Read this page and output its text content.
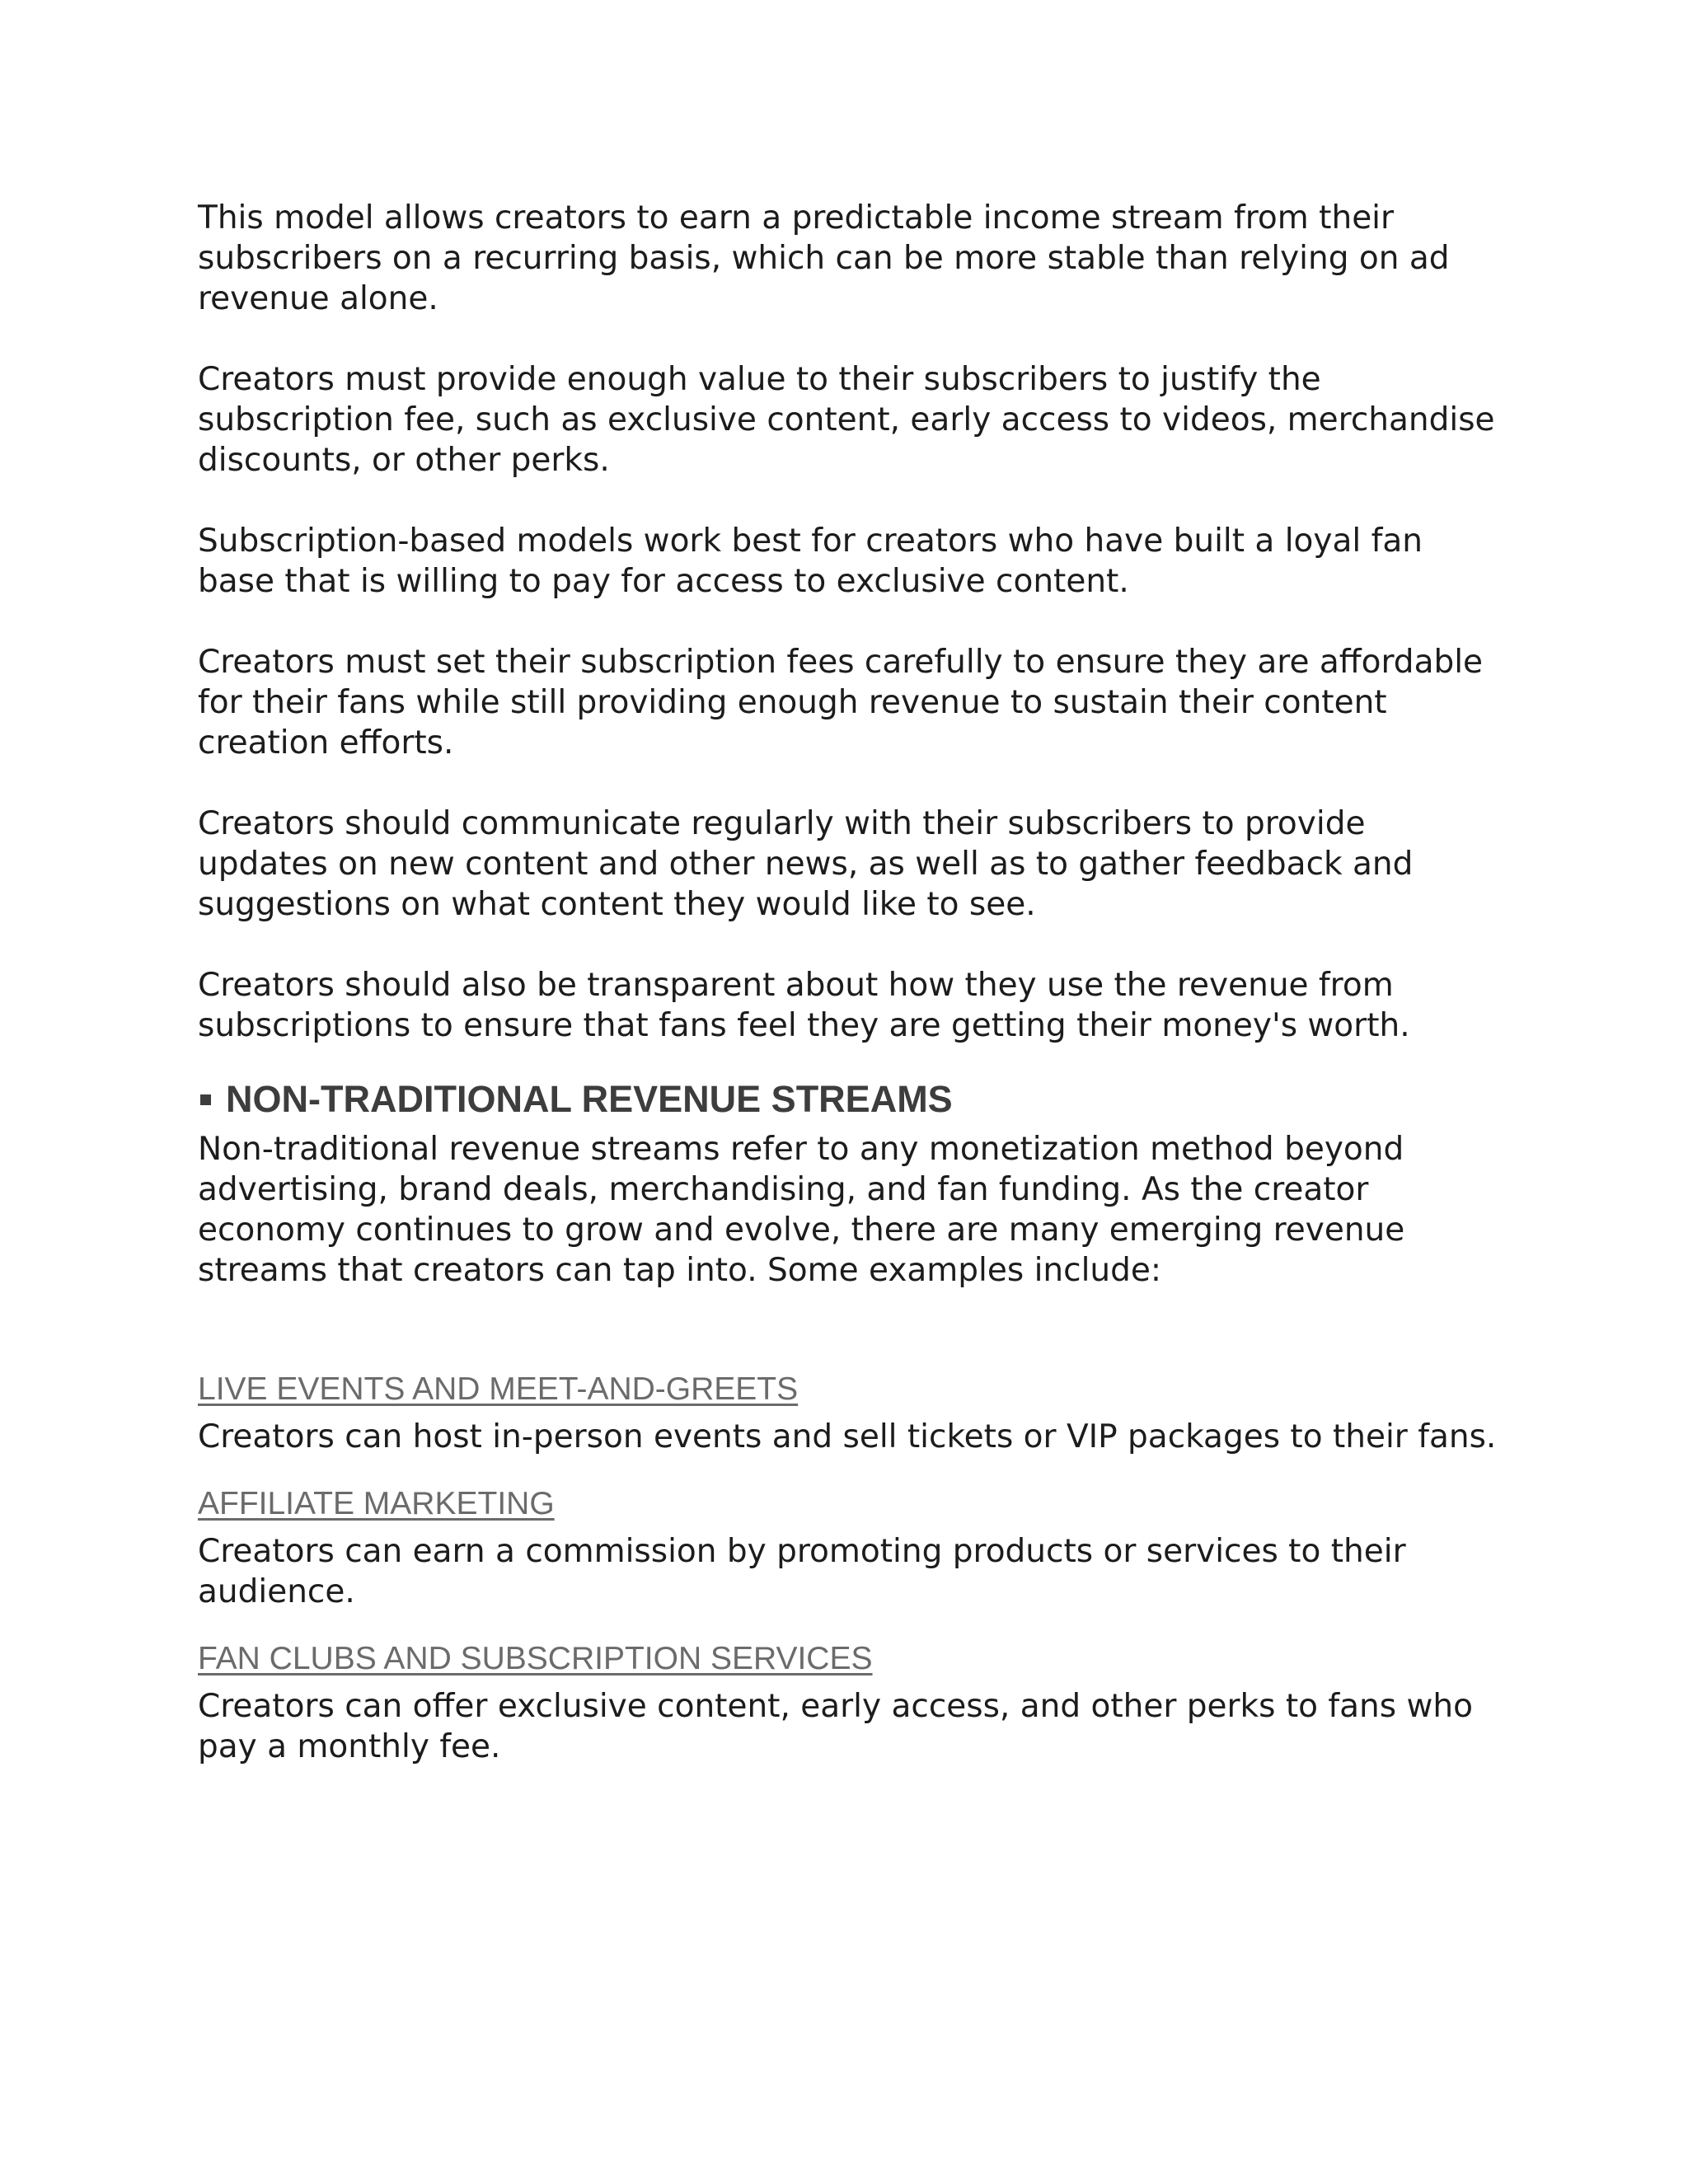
This model allows creators to earn a predictable income stream from their subscribers on a recurring basis, which can be more stable than relying on ad revenue alone.

Creators must provide enough value to their subscribers to justify the subscription fee, such as exclusive content, early access to videos, merchandise discounts, or other perks.

Subscription-based models work best for creators who have built a loyal fan base that is willing to pay for access to exclusive content.

Creators must set their subscription fees carefully to ensure they are affordable for their fans while still providing enough revenue to sustain their content creation efforts.

Creators should communicate regularly with their subscribers to provide updates on new content and other news, as well as to gather feedback and suggestions on what content they would like to see.

Creators should also be transparent about how they use the revenue from subscriptions to ensure that fans feel they are getting their money's worth.

NON-TRADITIONAL REVENUE STREAMS

Non-traditional revenue streams refer to any monetization method beyond advertising, brand deals, merchandising, and fan funding. As the creator economy continues to grow and evolve, there are many emerging revenue streams that creators can tap into. Some examples include:

LIVE EVENTS AND MEET-AND-GREETS

Creators can host in-person events and sell tickets or VIP packages to their fans.

AFFILIATE MARKETING

Creators can earn a commission by promoting products or services to their audience.

FAN CLUBS AND SUBSCRIPTION SERVICES

Creators can offer exclusive content, early access, and other perks to fans who pay a monthly fee.
